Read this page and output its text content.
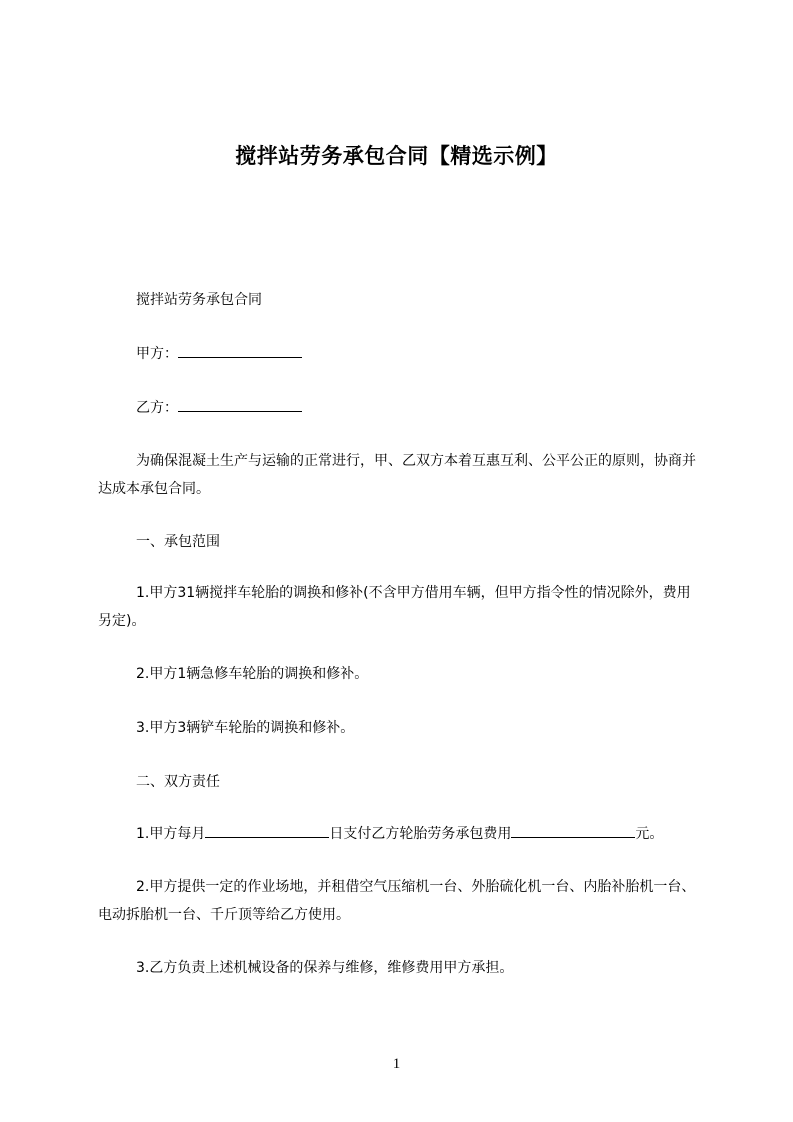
搅拌站劳务承包合同【精选示例】

搅拌站劳务承包合同

甲方：

乙方：

为确保混凝土生产与运输的正常进行，甲、乙双方本着互惠互利、公平公正的原则，协商并达成本承包合同。

一、承包范围

1.甲方31辆搅拌车轮胎的调换和修补(不含甲方借用车辆，但甲方指令性的情况除外，费用另定)。

2.甲方1辆急修车轮胎的调换和修补。

3.甲方3辆铲车轮胎的调换和修补。

二、双方责任

1.甲方每月	日支付乙方轮胎劳务承包费用	元。

2.甲方提供一定的作业场地，并租借空气压缩机一台、外胎硫化机一台、内胎补胎机一台、电动拆胎机一台、千斤顶等给乙方使用。

3.乙方负责上述机械设备的保养与维修，维修费用甲方承担。

1
